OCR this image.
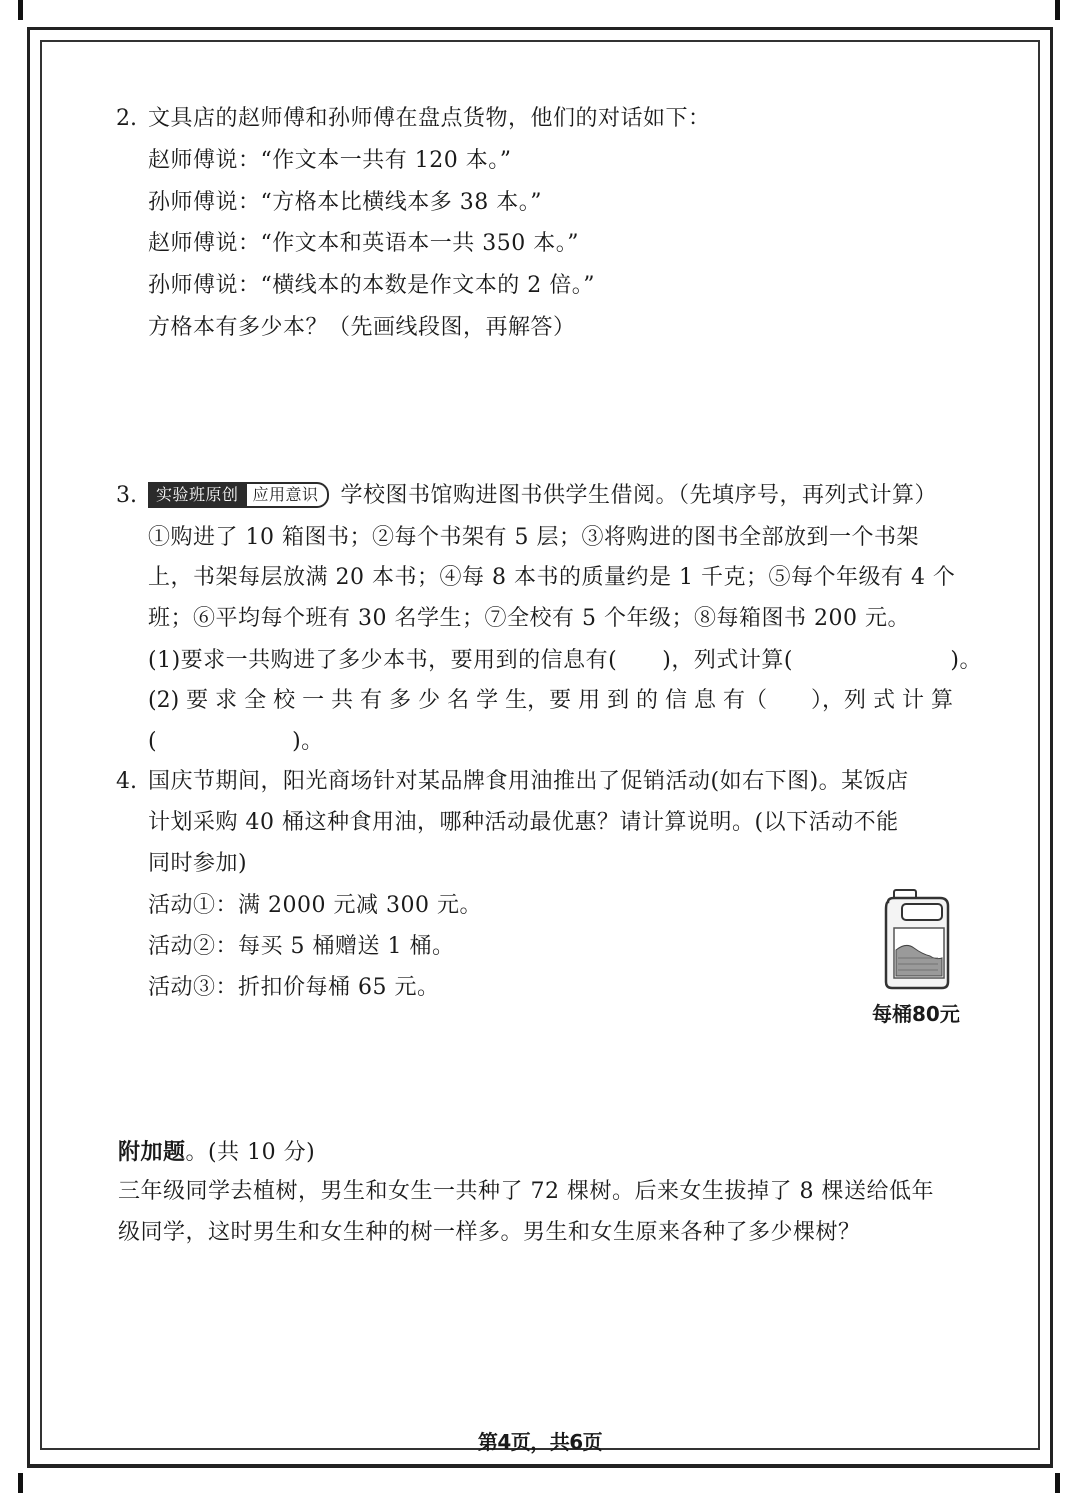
2. 文具店的赵师傅和孙师傅在盘点货物，他们的对话如下：
赵师傅说：“作文本一共有 120 本。”
孙师傅说：“方格本比横线本多 38 本。”
赵师傅说：“作文本和英语本一共 350 本。”
孙师傅说：“横线本的本数是作文本的 2 倍。”
方格本有多少本？（先画线段图，再解答）
3.	实验班原创 应用意识 学校图书馆购进图书供学生借阅。（先填序号，再列式计算）
①购进了 10 箱图书；②每个书架有 5 层；③将购进的图书全部放到一个书架
上，书架每层放满 20 本书；④每 8 本书的质量约是 1 千克；⑤每个年级有 4 个
班；⑥平均每个班有 30 名学生；⑦全校有 5 个年级；⑧每箱图书 200 元。
(1)要求一共购进了多少本书，要用到的信息有(　　)，列式计算(　　　　　　　)。
(2) 要 求 全 校 一 共 有 多 少 名 学 生，要 用 到 的 信 息 有（　　），列 式 计 算
(　　　　　　)。
4. 国庆节期间，阳光商场针对某品牌食用油推出了促销活动(如右下图)。某饭店
计划采购 40 桶这种食用油，哪种活动最优惠？请计算说明。(以下活动不能
同时参加)
活动①：满 2000 元减 300 元。
活动②：每买 5 桶赠送 1 桶。
活动③：折扣价每桶 65 元。
每桶80元
附加题。(共 10 分)
三年级同学去植树，男生和女生一共种了 72 棵树。后来女生拔掉了 8 棵送给低年
级同学，这时男生和女生种的树一样多。男生和女生原来各种了多少棵树？
第4页，共6页
